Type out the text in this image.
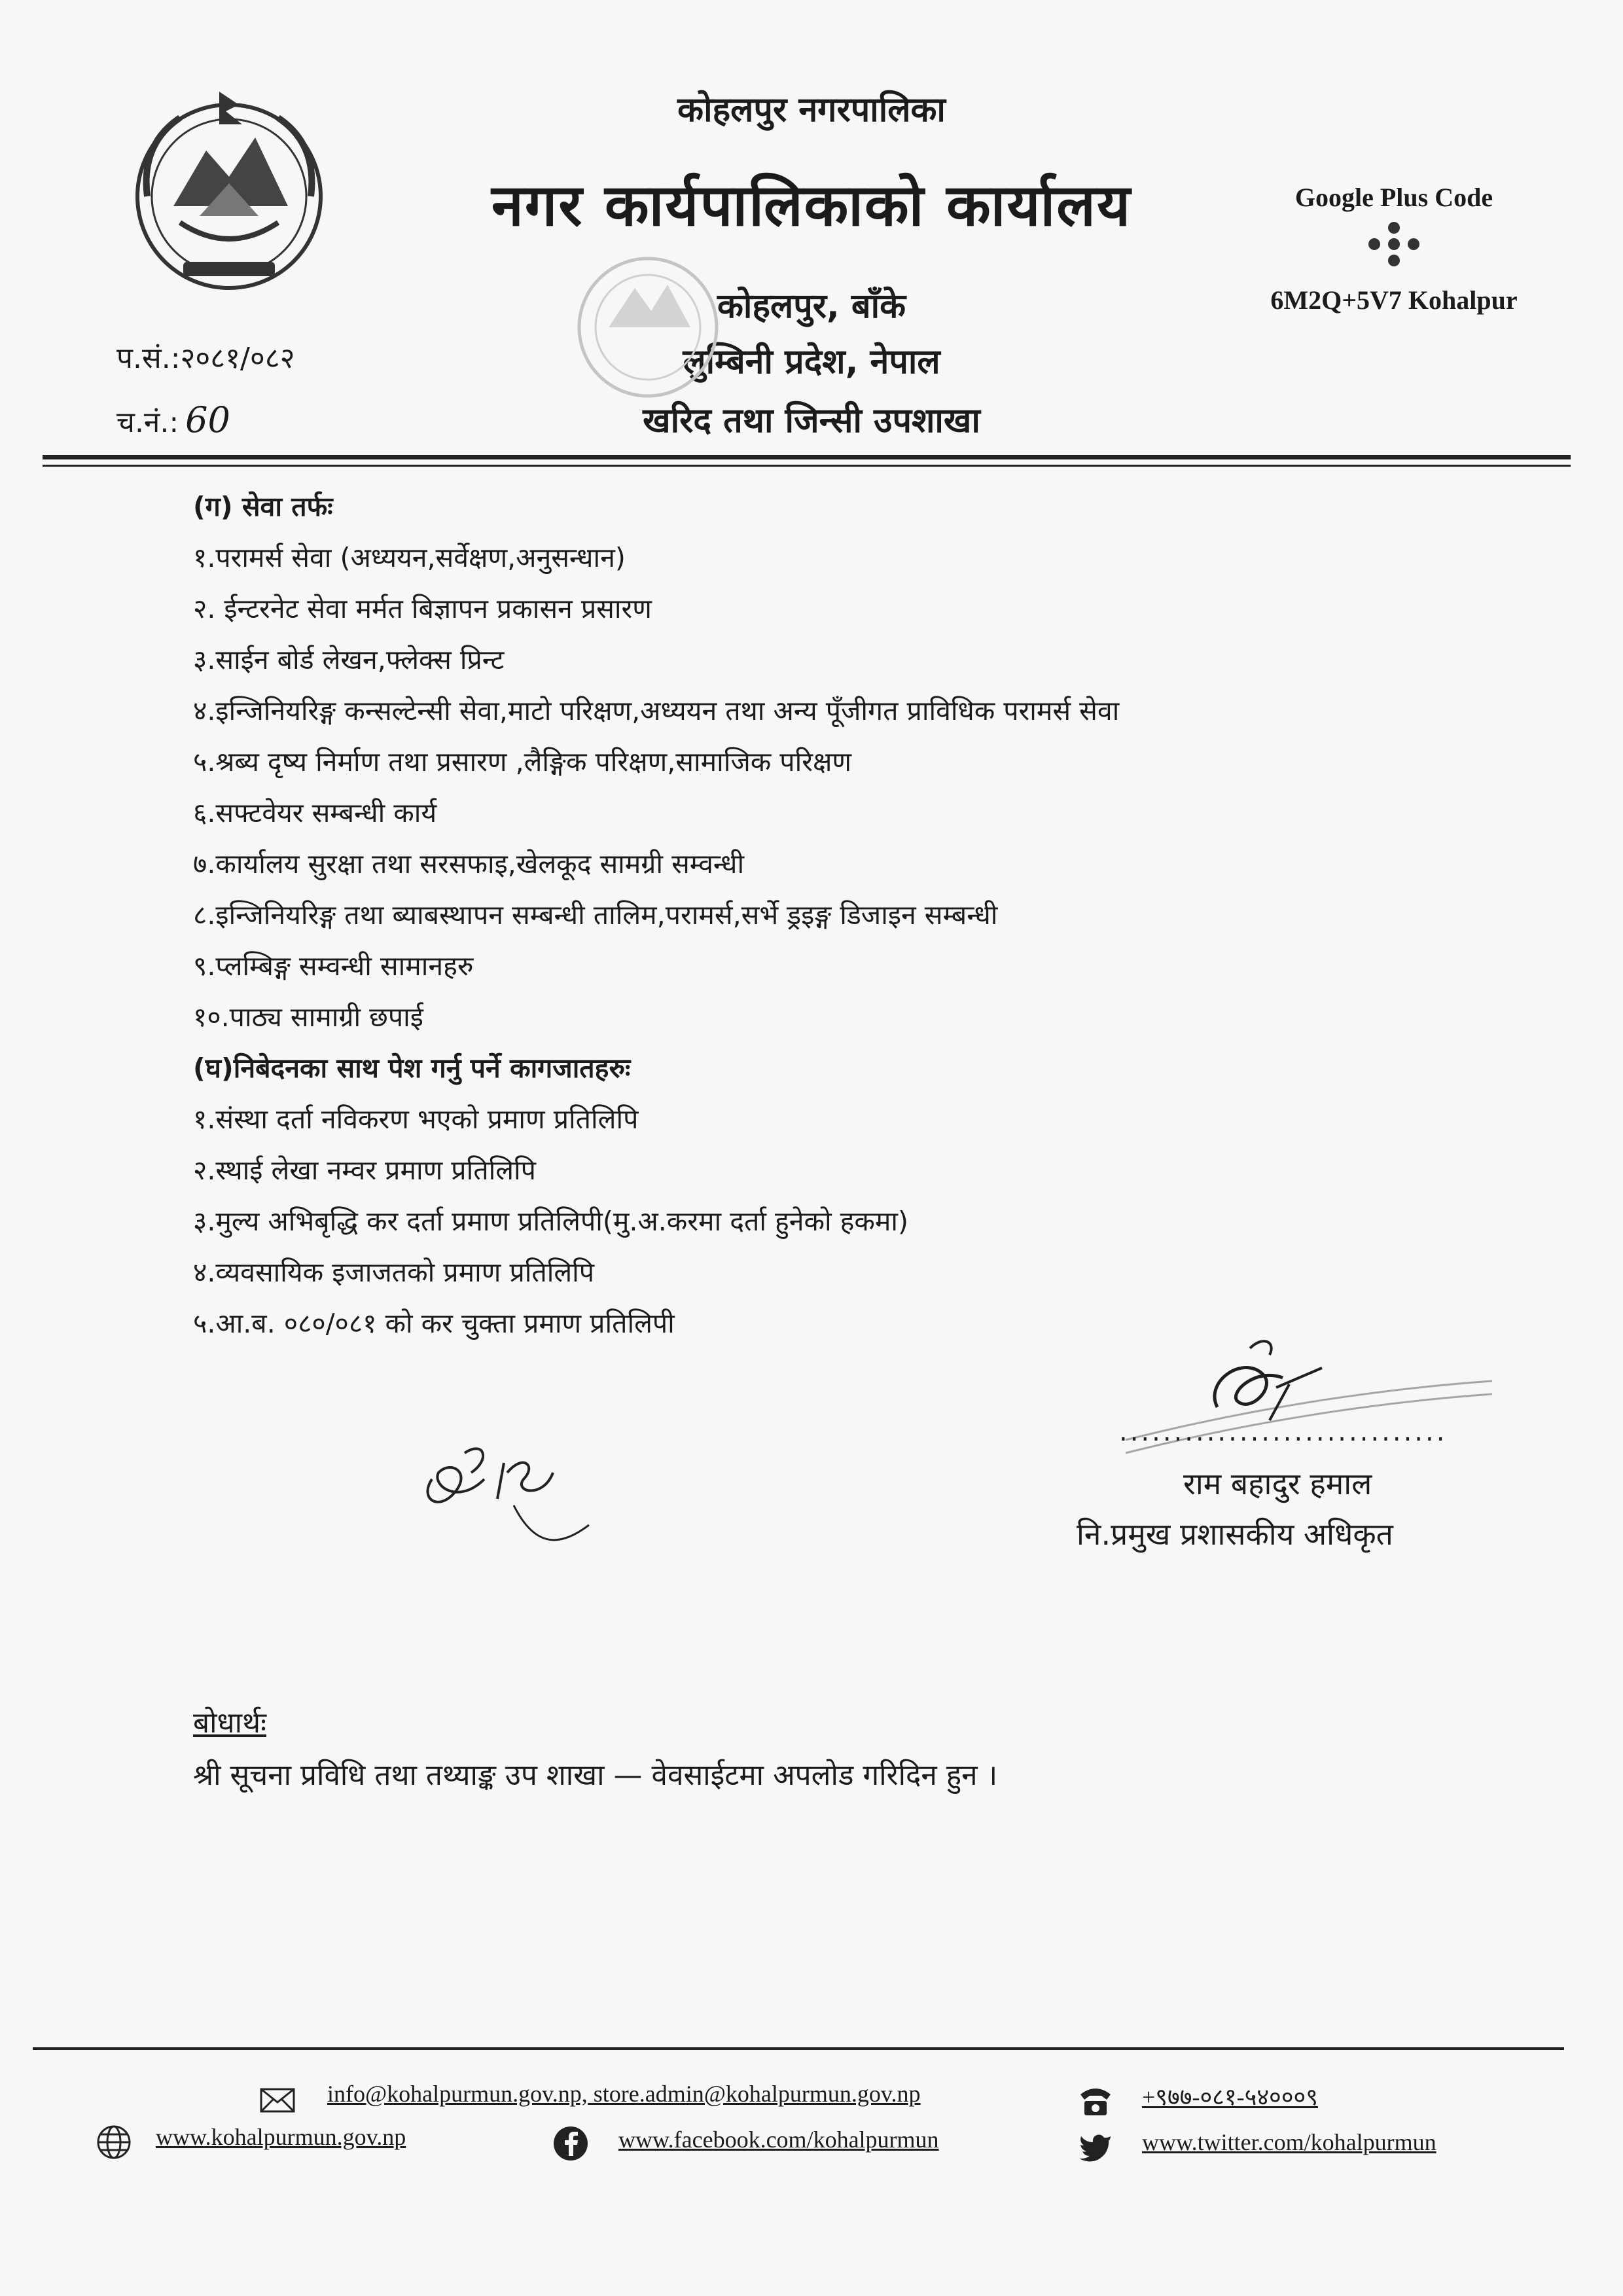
कोहलपुर नगरपालिका
नगर कार्यपालिकाको कार्यालय
कोहलपुर, बाँके
लुम्बिनी प्रदेश, नेपाल
खरिद तथा जिन्सी उपशाखा
Google Plus Code
6M2Q+5V7 Kohalpur
प.सं.:२०८१/०८२
च.नं.: 60
(ग) सेवा तर्फः
१.परामर्स सेवा (अध्ययन,सर्वेक्षण,अनुसन्धान)
२. ईन्टरनेट सेवा मर्मत बिज्ञापन प्रकासन प्रसारण
३.साईन बोर्ड लेखन,फ्लेक्स प्रिन्ट
४.इन्जिनियरिङ्ग कन्सल्टेन्सी सेवा,माटो परिक्षण,अध्ययन तथा अन्य पूँजीगत प्राविधिक परामर्स सेवा
५.श्रब्य दृष्य निर्माण तथा प्रसारण ,लैङ्गिक परिक्षण,सामाजिक परिक्षण
६.सफ्टवेयर सम्बन्धी कार्य
७.कार्यालय सुरक्षा तथा सरसफाइ,खेलकूद सामग्री सम्वन्धी
८.इन्जिनियरिङ्ग तथा ब्याबस्थापन सम्बन्धी तालिम,परामर्स,सर्भे ड्रइङ्ग डिजाइन सम्बन्धी
९.प्लम्बिङ्ग सम्वन्धी सामानहरु
१०.पाठ्य सामाग्री छपाई
(घ)निबेदनका साथ पेश गर्नु पर्ने कागजातहरुः
१.संस्था दर्ता नविकरण भएको प्रमाण प्रतिलिपि
२.स्थाई लेखा नम्वर प्रमाण प्रतिलिपि
३.मुल्य अभिबृद्धि कर दर्ता प्रमाण प्रतिलिपी(मु.अ.करमा दर्ता हुनेको हकमा)
४.व्यवसायिक इजाजतको प्रमाण प्रतिलिपि
५.आ.ब. ०८०/०८१ को कर चुक्ता प्रमाण प्रतिलिपी
..............................
राम बहादुर हमाल
नि.प्रमुख प्रशासकीय अधिकृत
बोधार्थः
श्री सूचना प्रविधि तथा तथ्याङ्क उप शाखा — वेवसाईटमा अपलोड गरिदिन हुन ।
info@kohalpurmun.gov.np, store.admin@kohalpurmun.gov.np	+९७७-०८१-५४०००९
www.kohalpurmun.gov.np	www.facebook.com/kohalpurmun	www.twitter.com/kohalpurmun
